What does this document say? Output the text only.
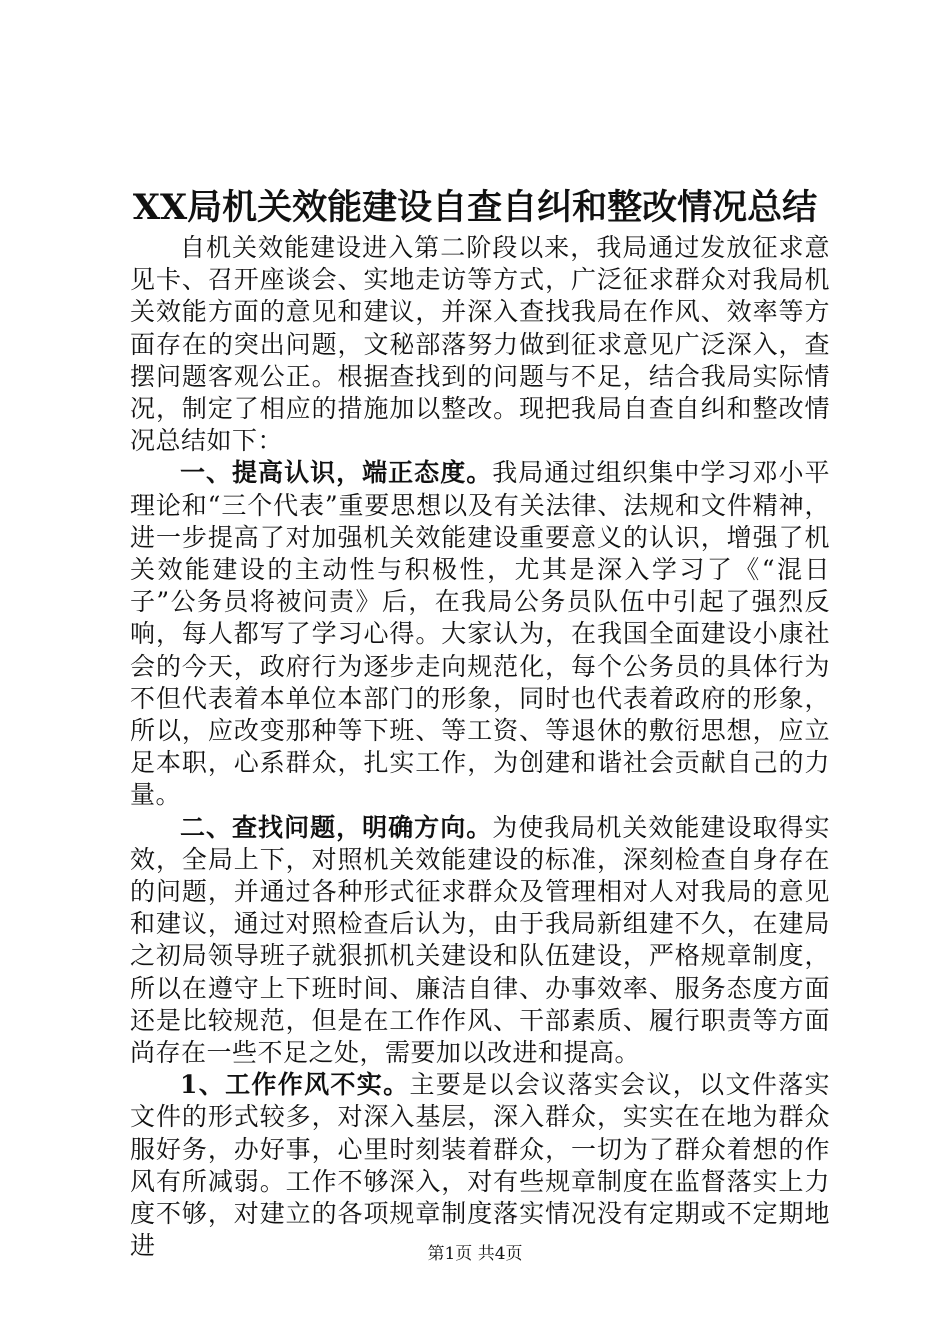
XX局机关效能建设自查自纠和整改情况总结

自机关效能建设进入第二阶段以来，我局通过发放征求意见卡、召开座谈会、实地走访等方式，广泛征求群众对我局机关效能方面的意见和建议，并深入查找我局在作风、效率等方面存在的突出问题，文秘部落努力做到征求意见广泛深入，查摆问题客观公正。根据查找到的问题与不足，结合我局实际情况，制定了相应的措施加以整改。现把我局自查自纠和整改情况总结如下：

一、提高认识，端正态度。我局通过组织集中学习邓小平理论和“三个代表”重要思想以及有关法律、法规和文件精神，进一步提高了对加强机关效能建设重要意义的认识，增强了机关效能建设的主动性与积极性，尤其是深入学习了《“混日子”公务员将被问责》后，在我局公务员队伍中引起了强烈反响，每人都写了学习心得。大家认为，在我国全面建设小康社会的今天，政府行为逐步走向规范化，每个公务员的具体行为不但代表着本单位本部门的形象，同时也代表着政府的形象，所以，应改变那种等下班、等工资、等退休的敷衍思想，应立足本职，心系群众，扎实工作，为创建和谐社会贡献自己的力量。

二、查找问题，明确方向。为使我局机关效能建设取得实效，全局上下，对照机关效能建设的标准，深刻检查自身存在的问题，并通过各种形式征求群众及管理相对人对我局的意见和建议，通过对照检查后认为，由于我局新组建不久，在建局之初局领导班子就狠抓机关建设和队伍建设，严格规章制度，所以在遵守上下班时间、廉洁自律、办事效率、服务态度方面还是比较规范，但是在工作作风、干部素质、履行职责等方面尚存在一些不足之处，需要加以改进和提高。

1、工作作风不实。主要是以会议落实会议，以文件落实文件的形式较多，对深入基层，深入群众，实实在在地为群众服好务，办好事，心里时刻装着群众，一切为了群众着想的作风有所减弱。工作不够深入，对有些规章制度在监督落实上力度不够，对建立的各项规章制度落实情况没有定期或不定期地进	第1页 共4页
